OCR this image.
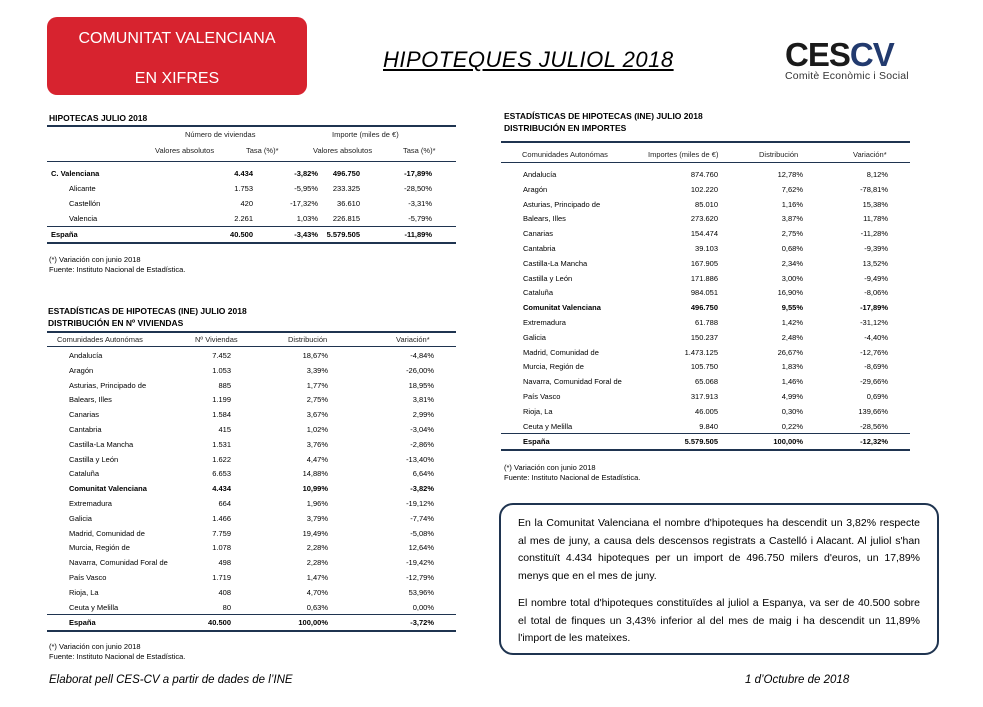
COMUNITAT VALENCIANA
EN XIFRES
HIPOTEQUES JULIOL 2018	CESCV
Comitè Econòmic i Social
HIPOTECAS JULIO 2018
Número de viviendas	Importe (miles de €)
Valores absolutos	Tasa (%)*	Valores absolutos	Tasa (%)*
C. Valenciana	4.434	-3,82% 496.750	-17,89%
Alicante	1.753	-5,95% 233.325	-28,50%
Castellón	420	-17,32%	36.610	-3,31%
Valencia	2.261	1,03% 226.815	-5,79%
España	40.500	-3,43% 5.579.505	-11,89%
(*) Variación con junio 2018
Fuente: Instituto Nacional de Estadística.
ESTADÍSTICAS DE HIPOTECAS (INE) JULIO 2018
DISTRIBUCIÓN EN Nº VIVIENDAS
Comunidades Autonómas	Nº Viviendas	Distribución	Variación*
Andalucía	7.452	18,67%	-4,84%
Aragón	1.053	3,39%	-26,00%
Asturias, Principado de	885	1,77%	18,95%
Balears, Illes	1.199	2,75%	3,81%
Canarias	1.584	3,67%	2,99%
Cantabria	415	1,02%	-3,04%
Castilla-La Mancha	1.531	3,76%	-2,86%
Castilla y León	1.622	4,47%	-13,40%
Cataluña	6.653	14,88%	6,64%
Comunitat Valenciana	4.434	10,99%	-3,82%
Extremadura	664	1,96%	-19,12%
Galicia	1.466	3,79%	-7,74%
Madrid, Comunidad de	7.759	19,49%	-5,08%
Murcia, Región de	1.078	2,28%	12,64%
Navarra, Comunidad Foral de	498	2,28%	-19,42%
País Vasco	1.719	1,47%	-12,79%
Rioja, La	408	4,70%	53,96%
Ceuta y Melilla	80	0,63%	0,00%
España	40.500	100,00%	-3,72%
(*) Variación con junio 2018
Fuente: Instituto Nacional de Estadística.
ESTADÍSTICAS DE HIPOTECAS (INE) JULIO 2018
DISTRIBUCIÓN EN IMPORTES
Comunidades Autonómas	Importes (miles de €)	Distribución	Variación*
Andalucía	874.760	12,78%	8,12%
Aragón	102.220	7,62%	-78,81%
Asturias, Principado de	85.010	1,16%	15,38%
Balears, Illes	273.620	3,87%	11,78%
Canarias	154.474	2,75%	-11,28%
Cantabria	39.103	0,68%	-9,39%
Castilla-La Mancha	167.905	2,34%	13,52%
Castilla y León	171.886	3,00%	-9,49%
Cataluña	984.051	16,90%	-8,06%
Comunitat Valenciana	496.750	9,55%	-17,89%
Extremadura	61.788	1,42%	-31,12%
Galicia	150.237	2,48%	-4,40%
Madrid, Comunidad de	1.473.125	26,67%	-12,76%
Murcia, Región de	105.750	1,83%	-8,69%
Navarra, Comunidad Foral de	65.068	1,46%	-29,66%
País Vasco	317.913	4,99%	0,69%
Rioja, La	46.005	0,30%	139,66%
Ceuta y Melilla	9.840	0,22%	-28,56%
España	5.579.505	100,00%	-12,32%
(*) Variación con junio 2018
Fuente: Instituto Nacional de Estadística.

En la Comunitat Valenciana el nombre d'hipoteques ha descendit un 3,82% respecte al mes de juny, a causa dels descensos registrats a Castelló i Alacant. Al juliol s'han constituït 4.434 hipoteques per un import de 496.750 milers d'euros, un 17,89% menys que en el mes de juny.

El nombre total d'hipoteques constituïdes al juliol a Espanya, va ser de 40.500 sobre el total de finques un 3,43% inferior al del mes de maig i ha descendit un 11,89% l'import de les mateixes.

Elaborat pell CES-CV a partir de dades de l’INE	1 d’Octubre de 2018
